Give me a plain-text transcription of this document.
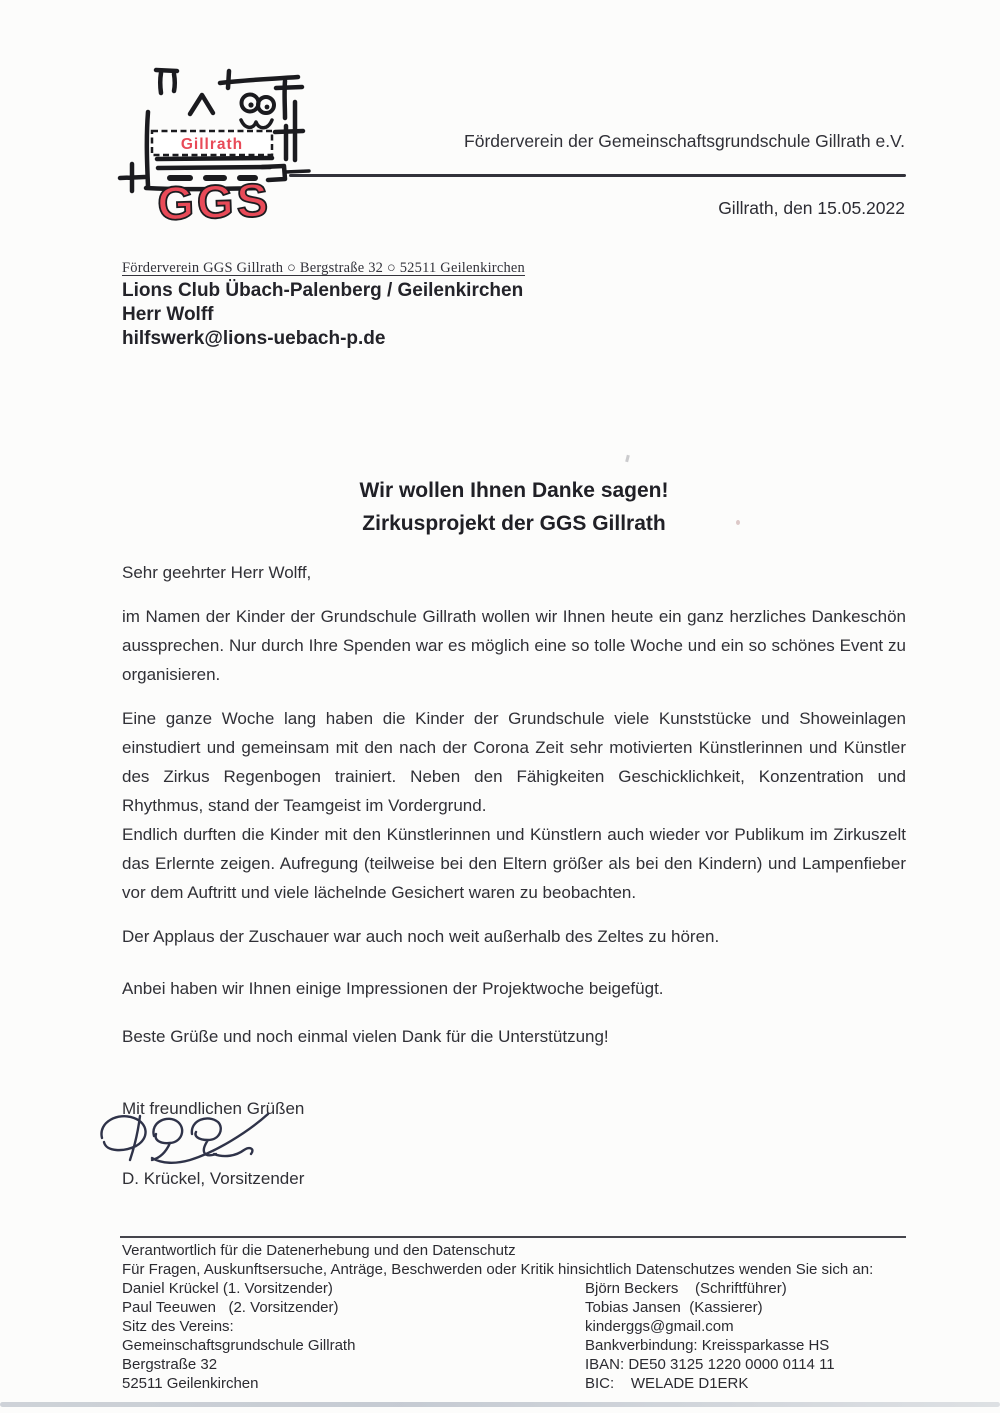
Gillrath
GGS
Förderverein der Gemeinschaftsgrundschule Gillrath e.V.
Gillrath, den 15.05.2022
Förderverein GGS Gillrath ○ Bergstraße 32 ○ 52511 Geilenkirchen
Lions Club Übach-Palenberg / Geilenkirchen
Herr Wolff
hilfswerk@lions-uebach-p.de
Wir wollen Ihnen Danke sagen!
Zirkusprojekt der GGS Gillrath
Sehr geehrter Herr Wolff,

im Namen der Kinder der Grundschule Gillrath wollen wir Ihnen heute ein ganz herzliches Dankeschön aussprechen. Nur durch Ihre Spenden war es möglich eine so tolle Woche und ein so schönes Event zu organisieren.

Eine ganze Woche lang haben die Kinder der Grundschule viele Kunststücke und Showeinlagen einstudiert und gemeinsam mit den nach der Corona Zeit sehr motivierten Künstlerinnen und Künstler des Zirkus Regenbogen trainiert. Neben den Fähigkeiten Geschicklichkeit, Konzentration und Rhythmus, stand der Teamgeist im Vordergrund.

Endlich durften die Kinder mit den Künstlerinnen und Künstlern auch wieder vor Publikum im Zirkuszelt das Erlernte zeigen. Aufregung (teilweise bei den Eltern größer als bei den Kindern) und Lampenfieber vor dem Auftritt und viele lächelnde Gesichert waren zu beobachten.

Der Applaus der Zuschauer war auch noch weit außerhalb des Zeltes zu hören.

Anbei haben wir Ihnen einige Impressionen der Projektwoche beigefügt.

Beste Grüße und noch einmal vielen Dank für die Unterstützung!

Mit freundlichen Grüßen
D. Krückel, Vorsitzender
Verantwortlich für die Datenerhebung und den Datenschutz
Für Fragen, Auskunftsersuche, Anträge, Beschwerden oder Kritik hinsichtlich Datenschutzes wenden Sie sich an:
Daniel Krückel (1. Vorsitzender)
Paul Teeuwen   (2. Vorsitzender)
Sitz des Vereins:
Gemeinschaftsgrundschule Gillrath
Bergstraße 32
52511 Geilenkirchen
Björn Beckers    (Schriftführer)
Tobias Jansen  (Kassierer)
kinderggs@gmail.com
Bankverbindung: Kreissparkasse HS
IBAN: DE50 3125 1220 0000 0114 11
BIC:    WELADE D1ERK
